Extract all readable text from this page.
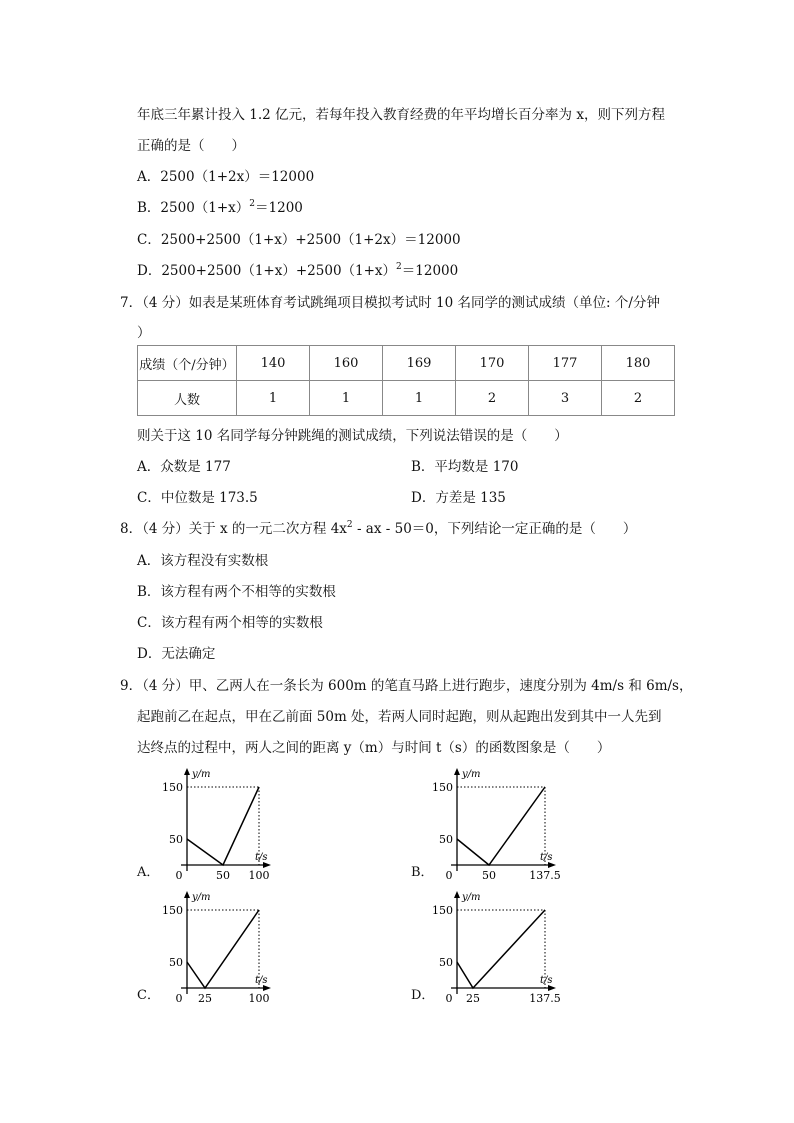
年底三年累计投入 1.2 亿元，若每年投入教育经费的年平均增长百分率为 x，则下列方程
正确的是（　　）
A．2500（1+2x）＝12000
B．$2500(1+x)^2=1200$
C．2500+2500（1+x）+2500（1+2x）＝12000
D．$2500+2500(1+x)+2500(1+x)^2=12000$
7．（4 分）如表是某班体育考试跳绳项目模拟考试时 10 名同学的测试成绩（单位: 个/分钟
）
成绩（个/分钟）	140	160	169	170	177	180
人数	1	1	1	2	3	2
则关于这 10 名同学每分钟跳绳的测试成绩，下列说法错误的是（　　）
A．众数是 177	B．平均数是 170
C．中位数是 173.5	D．方差是 135
8．（4 分）关于 x 的一元二次方程 $4x^2$ - ax - 50＝0，下列结论一定正确的是（　　）
A．该方程没有实数根
B．该方程有两个不相等的实数根
C．该方程有两个相等的实数根
D．无法确定
9．（4 分）甲、乙两人在一条长为 600m 的笔直马路上进行跑步，速度分别为 4m/s 和 6m/s，
起跑前乙在起点，甲在乙前面 50m 处，若两人同时起跑，则从起跑出发到其中一人先到
达终点的过程中，两人之间的距离 y（m）与时间 t（s）的函数图象是（　　）
A．
y/m
t/s
150
50
0	50 100	B．
y/m
t/s
150
50
0	50	137.5
C．
y/m
t/s
150
50
0 25	100	D．
y/m
t/s
150
50
0 25	137.5
